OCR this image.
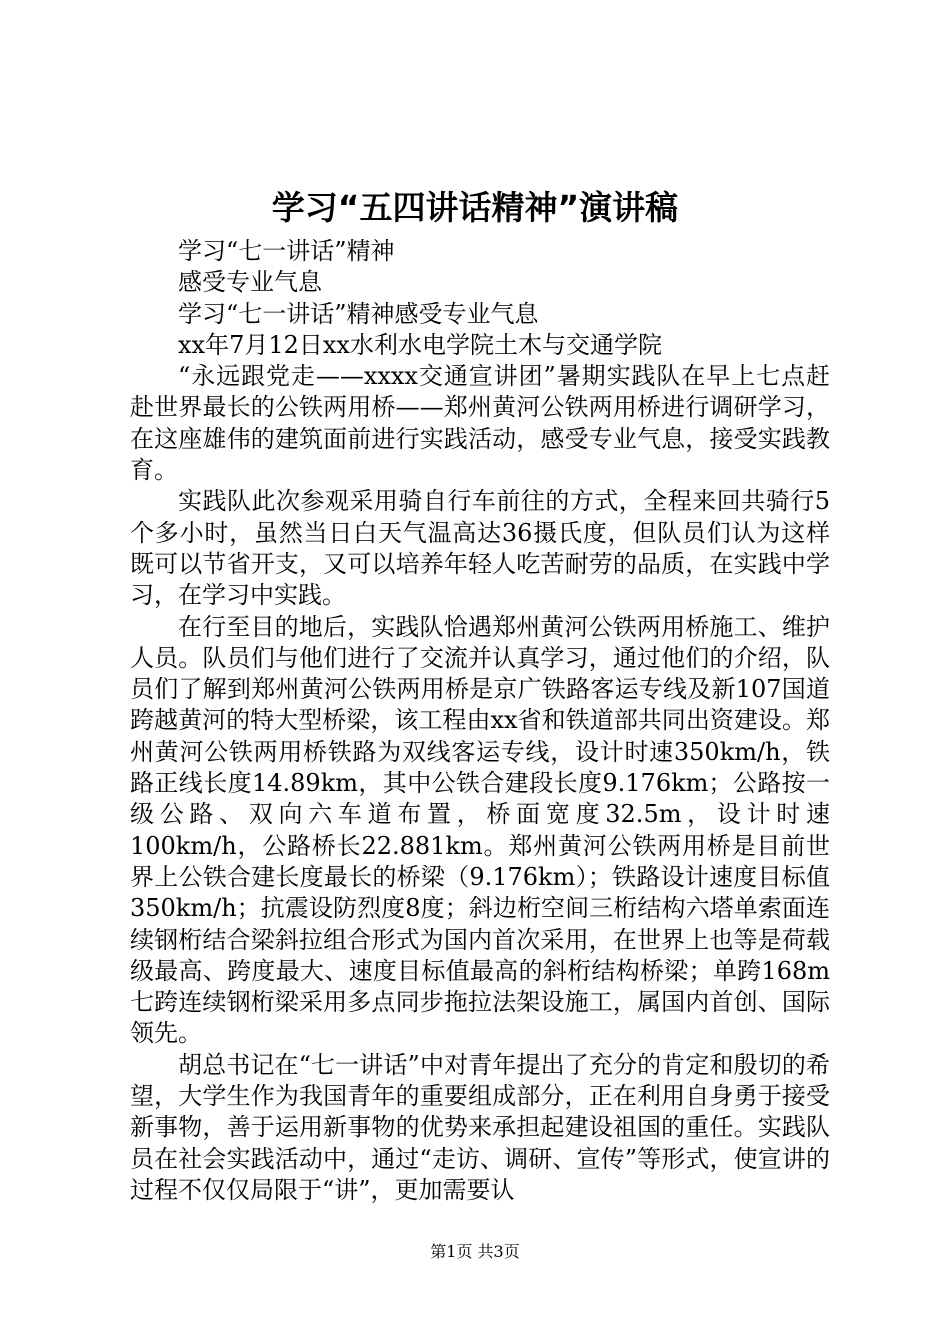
学习“五四讲话精神”演讲稿

学习“七一讲话”精神

感受专业气息

学习“七一讲话”精神感受专业气息

xx年7月12日xx水利水电学院土木与交通学院

“永远跟党走——xxxx交通宣讲团”暑期实践队在早上七点赶赴世界最长的公铁两用桥——郑州黄河公铁两用桥进行调研学习，在这座雄伟的建筑面前进行实践活动，感受专业气息，接受实践教育。

实践队此次参观采用骑自行车前往的方式，全程来回共骑行5个多小时，虽然当日白天气温高达36摄氏度，但队员们认为这样既可以节省开支，又可以培养年轻人吃苦耐劳的品质，在实践中学习，在学习中实践。

在行至目的地后，实践队恰遇郑州黄河公铁两用桥施工、维护人员。队员们与他们进行了交流并认真学习，通过他们的介绍，队员们了解到郑州黄河公铁两用桥是京广铁路客运专线及新107国道跨越黄河的特大型桥梁，该工程由xx省和铁道部共同出资建设。郑州黄河公铁两用桥铁路为双线客运专线，设计时速350km/h，铁路正线长度14.89km，其中公铁合建段长度9.176km；公路按一级公路、双向六车道布置，桥面宽度32.5m，设计时速100km/h，公路桥长22.881km。郑州黄河公铁两用桥是目前世界上公铁合建长度最长的桥梁（9.176km）；铁路设计速度目标值350km/h；抗震设防烈度8度；斜边桁空间三桁结构六塔单索面连续钢桁结合梁斜拉组合形式为国内首次采用，在世界上也等是荷载级最高、跨度最大、速度目标值最高的斜桁结构桥梁；单跨168m七跨连续钢桁梁采用多点同步拖拉法架设施工，属国内首创、国际领先。

胡总书记在“七一讲话”中对青年提出了充分的肯定和殷切的希望，大学生作为我国青年的重要组成部分，正在利用自身勇于接受新事物，善于运用新事物的优势来承担起建设祖国的重任。实践队员在社会实践活动中，通过“走访、调研、宣传”等形式，使宣讲的过程不仅仅局限于“讲”，更加需要认

第1页 共3页
